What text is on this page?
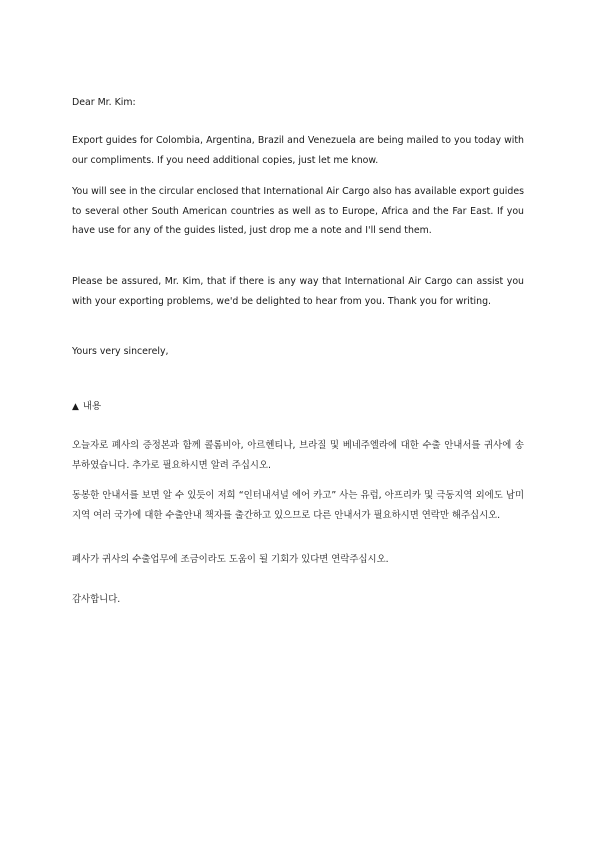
Dear Mr. Kim:

Export guides for Colombia, Argentina, Brazil and Venezuela are being mailed to you today with our compliments. If you need additional copies, just let me know.

You will see in the circular enclosed that International Air Cargo also has available export guides to several other South American countries as well as to Europe, Africa and the Far East. If you have use for any of the guides listed, just drop me a note and I'll send them.

Please be assured, Mr. Kim, that if there is any way that International Air Cargo can assist you with your exporting problems, we'd be delighted to hear from you. Thank you for writing.

Yours very sincerely,

▲ 내용

오늘자로 폐사의 증정본과 함께 콜롬비아, 아르헨티나, 브라질 및 베네주엘라에 대한 수출 안내서를 귀사에 송부하였습니다. 추가로 필요하시면 알려 주십시오.

동봉한 안내서를 보면 알 수 있듯이 저희 “인터내셔널 에어 카고” 사는 유럽, 아프리카 및 극동지역 외에도 남미지역 여러 국가에 대한 수출안내 책자를 출간하고 있으므로 다른 안내서가 필요하시면 연락만 해주십시오.

폐사가 귀사의 수출업무에 조금이라도 도움이 될 기회가 있다면 연락주십시오.

감사합니다.
